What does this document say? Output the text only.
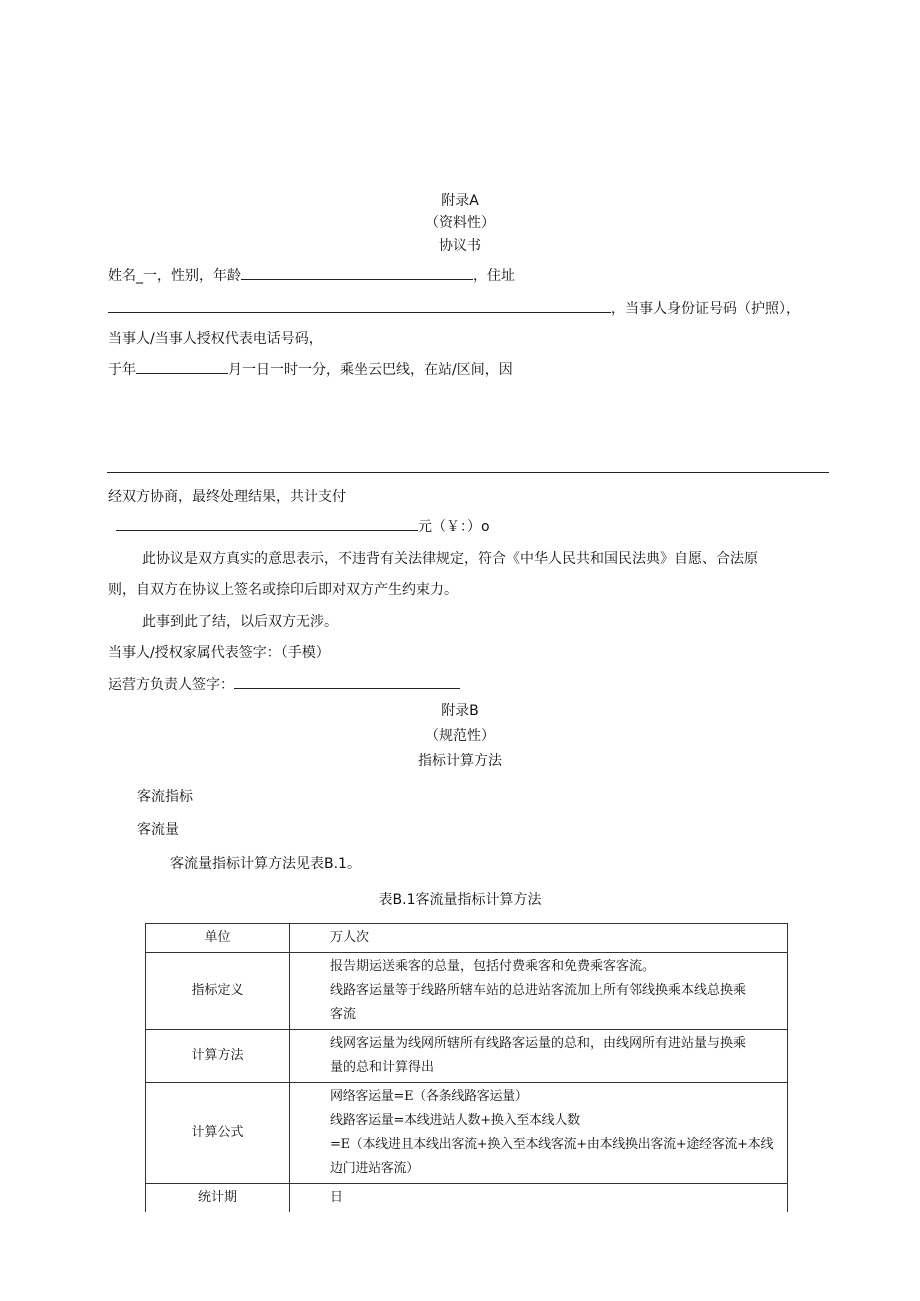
附录A
（资料性）
协议书
姓名_一，性别，年龄	，住址
，当事人身份证号码（护照），
当事人/当事人授权代表电话号码，
于年	月一日一时一分，乘坐云巴线，在站/区间，因
经双方协商，最终处理结果，共计支付
元（￥：）o
此协议是双方真实的意思表示，不违背有关法律规定，符合《中华人民共和国民法典》自愿、合法原
则，自双方在协议上签名或捺印后即对双方产生约束力。
此事到此了结，以后双方无涉。
当事人/授权家属代表签字：（手模）
运营方负责人签字：
附录B
（规范性）
指标计算方法
客流指标
客流量
客流量指标计算方法见表B.1。
表B.1客流量指标计算方法
单位	万人次

指标定义	报告期运送乘客的总量，包括付费乘客和免费乘客客流。
线路客运量等于线路所辖车站的总进站客流加上所有邻线换乘本线总换乘
客流

计算方法	线网客运量为线网所辖所有线路客运量的总和，由线网所有进站量与换乘
量的总和计算得出

计算公式	网络客运量=E（各条线路客运量）
线路客运量=本线进站人数+换入至本线人数
=E（本线进且本线出客流+换入至本线客流+由本线换出客流+途经客流+本线
边门进站客流）

统计期	日
